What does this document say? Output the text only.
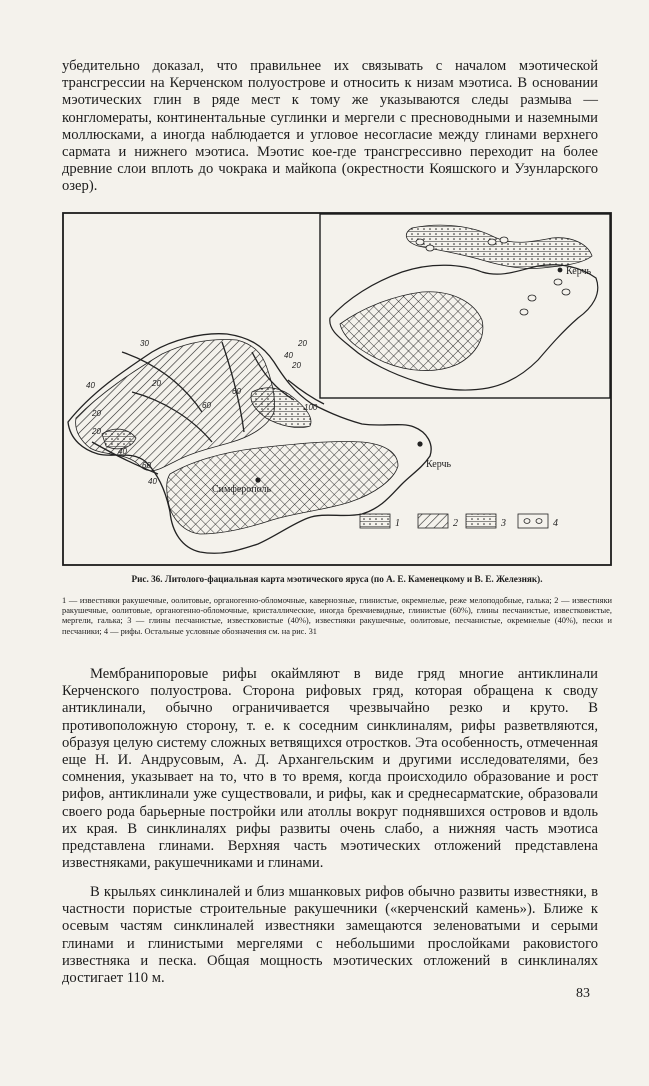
убедительно доказал, что правильнее их связывать с началом мэотической трансгрессии на Керченском полуострове и относить к низам мэотиса. В основании мэотических глин в ряде мест к тому же указываются следы размыва — конгломераты, континентальные суглинки и мергели с пресноводными и наземными моллюсками, а иногда наблюдается и угловое несогласие между глинами верхнего сармата и нижнего мэотиса. Мэотис кое-где трансгрессивно переходит на более древние слои вплоть до чокрака и майкопа (окрестности Кояшского и Узунларского озер).

20
40
20
60
60
100
20
40
20
40
60
40
20
30
Керчь
Симферополь
Керчь
1	2	3	4

Рис. 36. Литолого-фациальная карта мэотического яруса (по А. Е. Каменецкому и В. Е. Железняк).

1 — известняки ракушечные, оолитовые, органогенно-обломочные, кавернозные, глинистые, окремнелые, реже мелоподобные, галька; 2 — известняки ракушечные, оолитовые, органогенно-обломочные, кристаллические, иногда брекчиевидные, глинистые (60%), глины песчанистые, известковистые, мергели, галька; 3 — глины песчанистые, известковистые (40%), известняки ракушечные, оолитовые, песчанистые, окремнелые (40%), пески и песчаники; 4 — рифы. Остальные условные обозначения см. на рис. 31

Мембранипоровые рифы окаймляют в виде гряд многие антиклинали Керченского полуострова. Сторона рифовых гряд, которая обращена к своду антиклинали, обычно ограничивается чрезвычайно резко и круто. В противоположную сторону, т. е. к соседним синклиналям, рифы разветвляются, образуя целую систему сложных ветвящихся отростков. Эта особенность, отмеченная еще Н. И. Андрусовым, А. Д. Архангельским и другими исследователями, без сомнения, указывает на то, что в то время, когда происходило образование и рост рифов, антиклинали уже существовали, и рифы, как и среднесарматские, образовали своего рода барьерные постройки или атоллы вокруг поднявшихся островов и вдоль их края. В синклиналях рифы развиты очень слабо, а нижняя часть мэотиса представлена глинами. Верхняя часть мэотических отложений представлена известняками, ракушечниками и глинами.

В крыльях синклиналей и близ мшанковых рифов обычно развиты известняки, в частности пористые строительные ракушечники («керченский камень»). Ближе к осевым частям синклиналей известняки замещаются зеленоватыми и серыми глинами и глинистыми мергелями с небольшими прослойками раковистого известняка и песка. Общая мощность мэотических отложений в синклиналях достигает 110 м.

83
